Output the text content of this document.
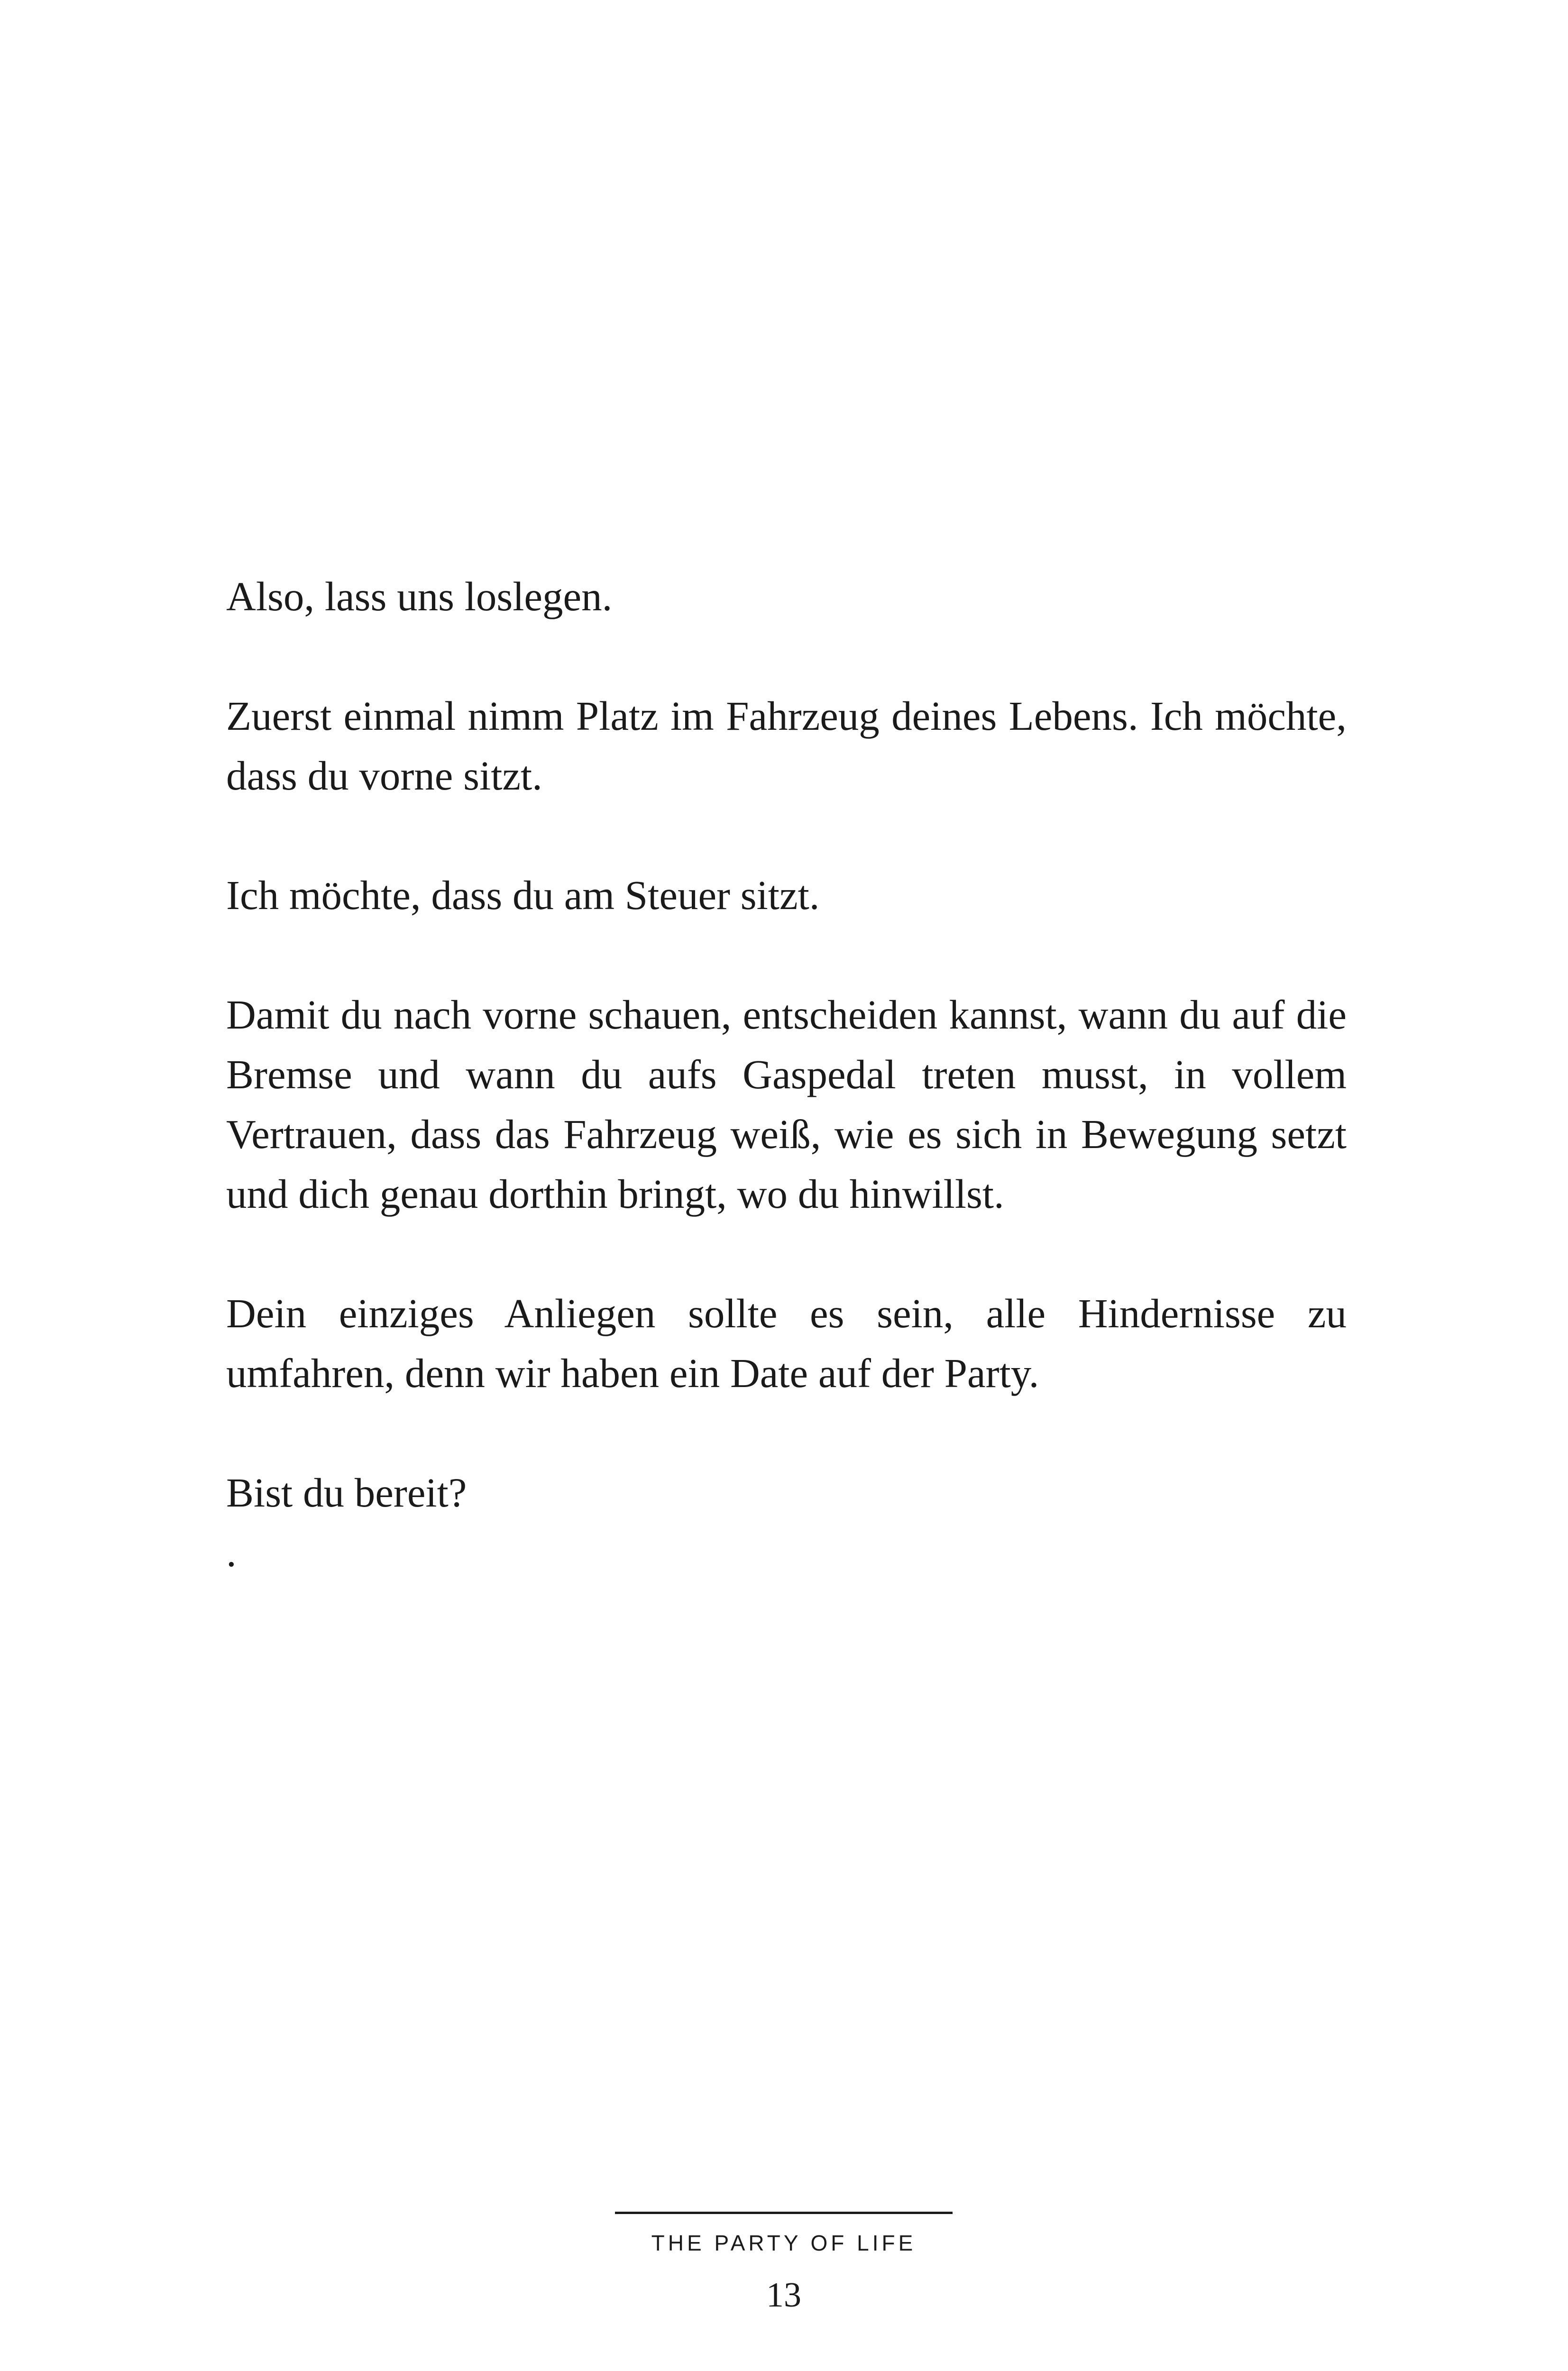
Also, lass uns loslegen.

Zuerst einmal nimm Platz im Fahrzeug deines Lebens. Ich möchte, dass du vorne sitzt.

Ich möchte, dass du am Steuer sitzt.

Damit du nach vorne schauen, entscheiden kannst, wann du auf die Bremse und wann du aufs Gaspedal treten musst, in vollem Vertrauen, dass das Fahrzeug weiß, wie es sich in Bewegung setzt und dich genau dorthin bringt, wo du hinwillst.

Dein einziges Anliegen sollte es sein, alle Hindernisse zu umfahren, denn wir haben ein Date auf der Party.

Bist du bereit?

.

THE PARTY OF LIFE
13
